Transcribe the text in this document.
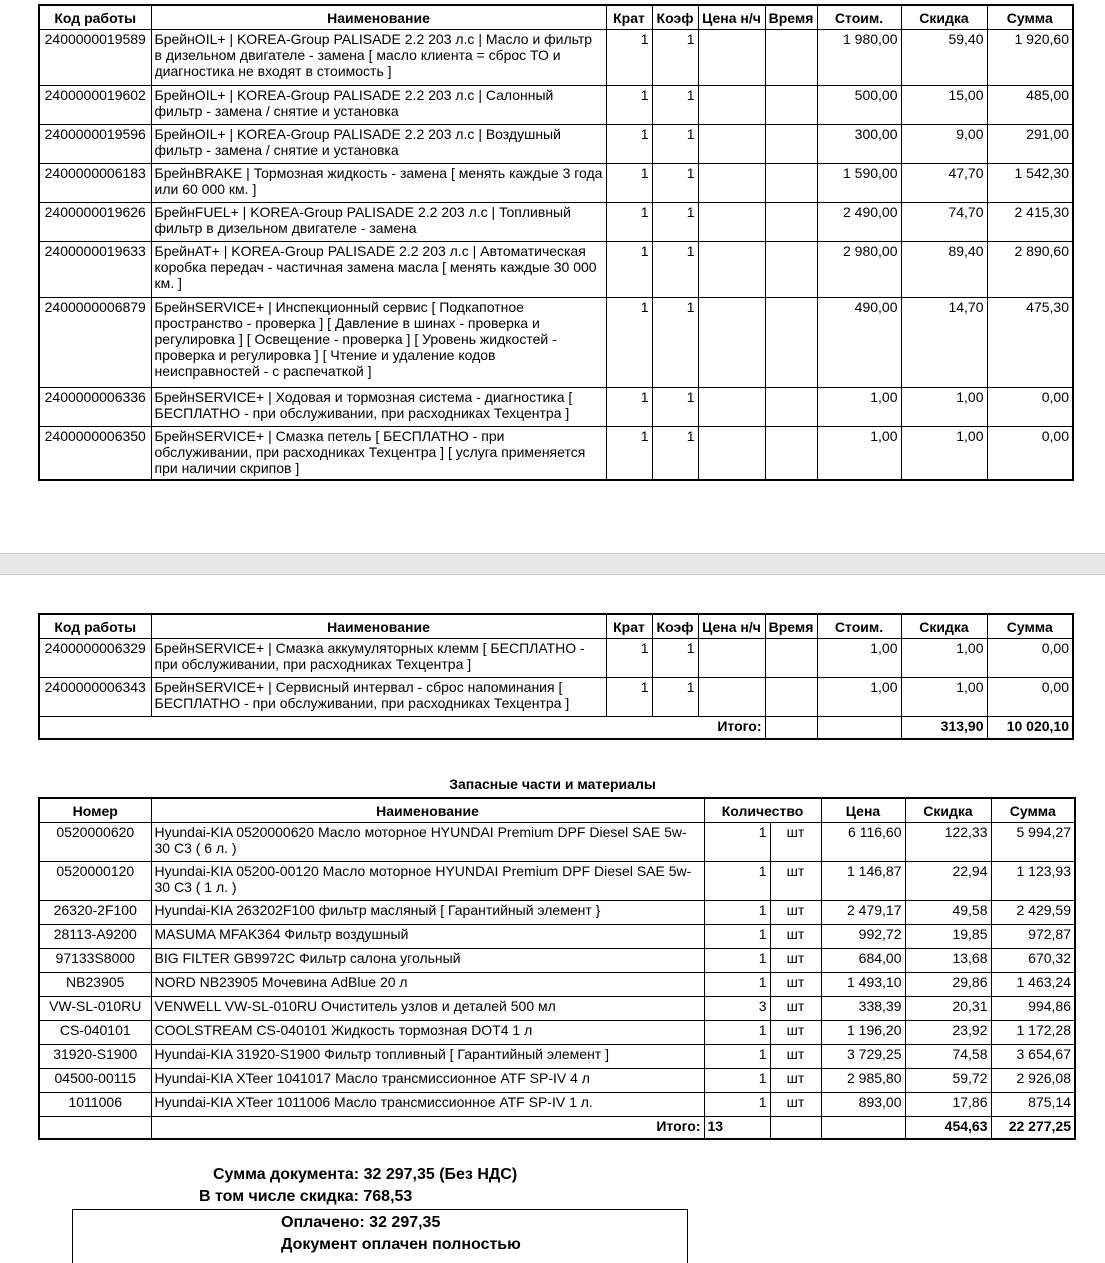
Код работы	Наименование	Крат	Коэф	Цена н/ч	Время	Стоим.	Скидка	Сумма
2400000019589	БрейнOIL+ | KOREA-Group PALISADE 2.2 203 л.с | Масло и фильтр в дизельном двигателе - замена [ масло клиента = сброс ТО и диагностика не входят в стоимость ]	1	1			1 980,00	59,40	1 920,60
2400000019602	БрейнOIL+ | KOREA-Group PALISADE 2.2 203 л.с | Салонный фильтр - замена / снятие и установка	1	1			500,00	15,00	485,00
2400000019596	БрейнOIL+ | KOREA-Group PALISADE 2.2 203 л.с | Воздушный фильтр - замена / снятие и установка	1	1			300,00	9,00	291,00
2400000006183	БрейнBRAKE | Тормозная жидкость - замена [ менять каждые 3 года или 60 000 км. ]	1	1			1 590,00	47,70	1 542,30
2400000019626	БрейнFUEL+ | KOREA-Group PALISADE 2.2 203 л.с | Топливный фильтр в дизельном двигателе - замена	1	1			2 490,00	74,70	2 415,30
2400000019633	БрейнAT+ | KOREA-Group PALISADE 2.2 203 л.с | Автоматическая коробка передач - частичная замена масла [ менять каждые 30 000 км. ]	1	1			2 980,00	89,40	2 890,60
2400000006879	БрейнSERVICE+ | Инспекционный сервис [ Подкапотное пространство - проверка ] [ Давление в шинах - проверка и регулировка ] [ Освещение - проверка ] [ Уровень жидкостей - проверка и регулировка ] [ Чтение и удаление кодов неисправностей - с распечаткой ]	1	1			490,00	14,70	475,30
2400000006336	БрейнSERVICE+ | Ходовая и тормозная система - диагностика [ БЕСПЛАТНО - при обслуживании, при расходниках Техцентра ]	1	1			1,00	1,00	0,00
2400000006350	БрейнSERVICE+ | Смазка петель [ БЕСПЛАТНО - при обслуживании, при расходниках Техцентра ] [ услуга применяется при наличии скрипов ]	1	1			1,00	1,00	0,00
Код работы	Наименование	Крат	Коэф	Цена н/ч	Время	Стоим.	Скидка	Сумма
2400000006329	БрейнSERVICE+ | Смазка аккумуляторных клемм [ БЕСПЛАТНО - при обслуживании, при расходниках Техцентра ]	1	1			1,00	1,00	0,00
2400000006343	БрейнSERVICE+ | Сервисный интервал - сброс напоминания [ БЕСПЛАТНО - при обслуживании, при расходниках Техцентра ]	1	1			1,00	1,00	0,00
Итого:							313,90	10 020,10
Запасные части и материалы
Номер	Наименование	Количество		Цена	Скидка	Сумма
0520000620	Hyundai-KIA 0520000620 Масло моторное HYUNDAI Premium DPF Diesel SAE 5w-30 C3 ( 6 л. )	1	шт	6 116,60	122,33	5 994,27
0520000120	Hyundai-KIA 05200-00120 Масло моторное HYUNDAI Premium DPF Diesel SAE 5w-30 C3 ( 1 л. )	1	шт	1 146,87	22,94	1 123,93
26320-2F100	Hyundai-KIA 263202F100 фильтр масляный [ Гарантийный элемент }	1	шт	2 479,17	49,58	2 429,59
28113-A9200	MASUMA MFAK364 Фильтр воздушный	1	шт	992,72	19,85	972,87
97133S8000	BIG FILTER GB9972C Фильтр салона угольный	1	шт	684,00	13,68	670,32
NB23905	NORD NB23905 Мочевина AdBlue 20 л	1	шт	1 493,10	29,86	1 463,24
VW-SL-010RU	VENWELL VW-SL-010RU Очиститель узлов и деталей 500 мл	3	шт	338,39	20,31	994,86
CS-040101	COOLSTREAM CS-040101 Жидкость тормозная DOT4 1 л	1	шт	1 196,20	23,92	1 172,28
31920-S1900	Hyundai-KIA 31920-S1900 Фильтр топливный [ Гарантийный элемент ]	1	шт	3 729,25	74,58	3 654,67
04500-00115	Hyundai-KIA XTeer 1041017 Масло трансмиссионное ATF SP-IV 4 л	1	шт	2 985,80	59,72	2 926,08
1011006	Hyundai-KIA XTeer 1011006 Масло трансмиссионное ATF SP-IV 1 л.	1	шт	893,00	17,86	875,14
	Итого:	13			454,63	22 277,25
Сумма документа: 32 297,35 (Без НДС)
В том числе скидка: 768,53
Оплачено: 32 297,35
Документ оплачен полностью
